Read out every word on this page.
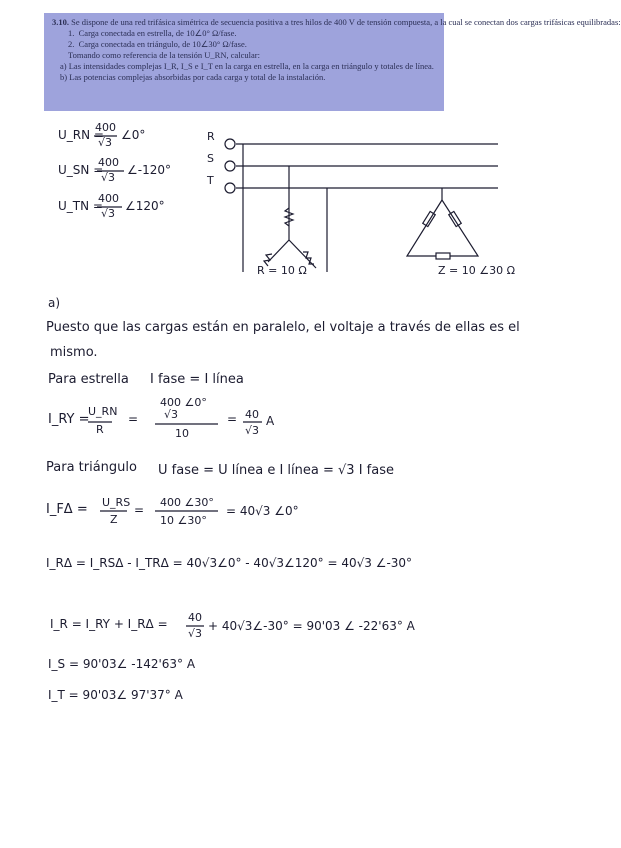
3.10. Se dispone de una red trifásica simétrica de secuencia positiva a tres hilos de 400 V de tensión compuesta, a la cual se conectan dos cargas trifásicas equilibradas:
1. Carga conectada en estrella, de 10∠0° Ω/fase.
2. Carga conectada en triángulo, de 10∠30° Ω/fase.
Tomando como referencia de la tensión U_RN, calcular:
a) Las intensidades complejas I_R, I_S e I_T en la carga en estrella, en la carga en triángulo y totales de línea.
b) Las potencias complejas absorbidas por cada carga y total de la instalación.
U_RN =
400
√3
∠0°
U_SN =
400
√3
∠-120°
U_TN =
400
√3
∠120°
R
S
T
R = 10 Ω	Z = 10 ∠30 Ω
a)
Puesto que las cargas están en paralelo, el voltaje a través de ellas es el
mismo.
Para estrella I fase = I línea
I_RY =
U_RN
R
=
400 ∠0°
√3
10
= 40
√3
A
Para triángulo U fase = U línea e I línea = √3 I fase
I_FΔ = U_RS
Z
=
400 ∠30°
10 ∠30°
= 40√3 ∠0°
I_RΔ = I_RSΔ - I_TRΔ = 40√3∠0° - 40√3∠120° = 40√3 ∠-30°
I_R = I_RY + I_RΔ = 40
√3
+ 40√3∠-30° = 90'03 ∠ -22'63° A
I_S = 90'03∠ -142'63° A
I_T = 90'03∠ 97'37° A
